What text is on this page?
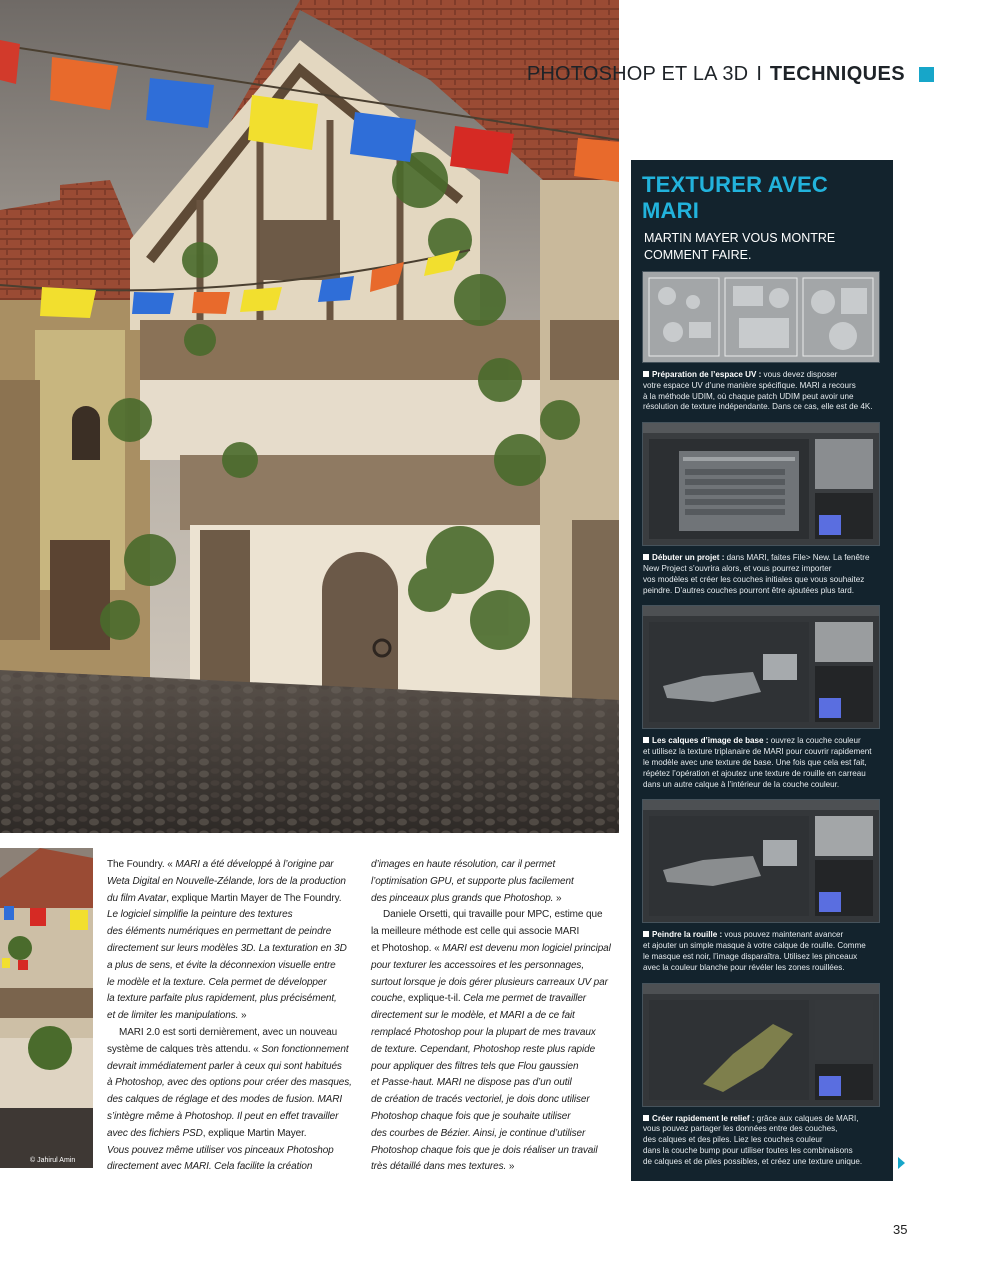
PHOTOSHOP ET LA 3D I TECHNIQUES
TEXTURER AVEC MARI
MARTIN MAYER VOUS MONTRE
COMMENT FAIRE.
Préparation de l’espace UV : vous devez disposer
votre espace UV d’une manière spécifique. MARI a recours
à la méthode UDIM, où chaque patch UDIM peut avoir une
résolution de texture indépendante. Dans ce cas, elle est de 4K.
Débuter un projet : dans MARI, faites File> New. La fenêtre
New Project s’ouvrira alors, et vous pourrez importer
vos modèles et créer les couches initiales que vous souhaitez
peindre. D’autres couches pourront être ajoutées plus tard.
Les calques d’image de base : ouvrez la couche couleur
et utilisez la texture triplanaire de MARI pour couvrir rapidement
le modèle avec une texture de base. Une fois que cela est fait,
répétez l’opération et ajoutez une texture de rouille en carreau
dans un autre calque à l’intérieur de la couche couleur.
Peindre la rouille : vous pouvez maintenant avancer
et ajouter un simple masque à votre calque de rouille. Comme
le masque est noir, l’image disparaîtra. Utilisez les pinceaux
avec la couleur blanche pour révéler les zones rouillées.
Créer rapidement le relief : grâce aux calques de MARI,
vous pouvez partager les données entre des couches,
des calques et des piles. Liez les couches couleur
dans la couche bump pour utiliser toutes les combinaisons
de calques et de piles possibles, et créez une texture unique.
© Jahirul Amin

The Foundry. « MARI a été développé à l’origine par

Weta Digital en Nouvelle-Zélande, lors de la production

du film Avatar, explique Martin Mayer de The Foundry.

Le logiciel simplifie la peinture des textures

des éléments numériques en permettant de peindre

directement sur leurs modèles 3D. La texturation en 3D

a plus de sens, et évite la déconnexion visuelle entre

le modèle et la texture. Cela permet de développer

la texture parfaite plus rapidement, plus précisément,

et de limiter les manipulations. »

MARI 2.0 est sorti dernièrement, avec un nouveau

système de calques très attendu. « Son fonctionnement

devrait immédiatement parler à ceux qui sont habitués

à Photoshop, avec des options pour créer des masques,

des calques de réglage et des modes de fusion. MARI

s’intègre même à Photoshop. Il peut en effet travailler

avec des fichiers PSD, explique Martin Mayer.

Vous pouvez même utiliser vos pinceaux Photoshop

directement avec MARI. Cela facilite la création

d’images en haute résolution, car il permet

l’optimisation GPU, et supporte plus facilement

des pinceaux plus grands que Photoshop. »

Daniele Orsetti, qui travaille pour MPC, estime que

la meilleure méthode est celle qui associe MARI

et Photoshop. « MARI est devenu mon logiciel principal

pour texturer les accessoires et les personnages,

surtout lorsque je dois gérer plusieurs carreaux UV par

couche, explique-t-il. Cela me permet de travailler

directement sur le modèle, et MARI a de ce fait

remplacé Photoshop pour la plupart de mes travaux

de texture. Cependant, Photoshop reste plus rapide

pour appliquer des filtres tels que Flou gaussien

et Passe-haut. MARI ne dispose pas d’un outil

de création de tracés vectoriel, je dois donc utiliser

Photoshop chaque fois que je souhaite utiliser

des courbes de Bézier. Ainsi, je continue d’utiliser

Photoshop chaque fois que je dois réaliser un travail

très détaillé dans mes textures. »

35
